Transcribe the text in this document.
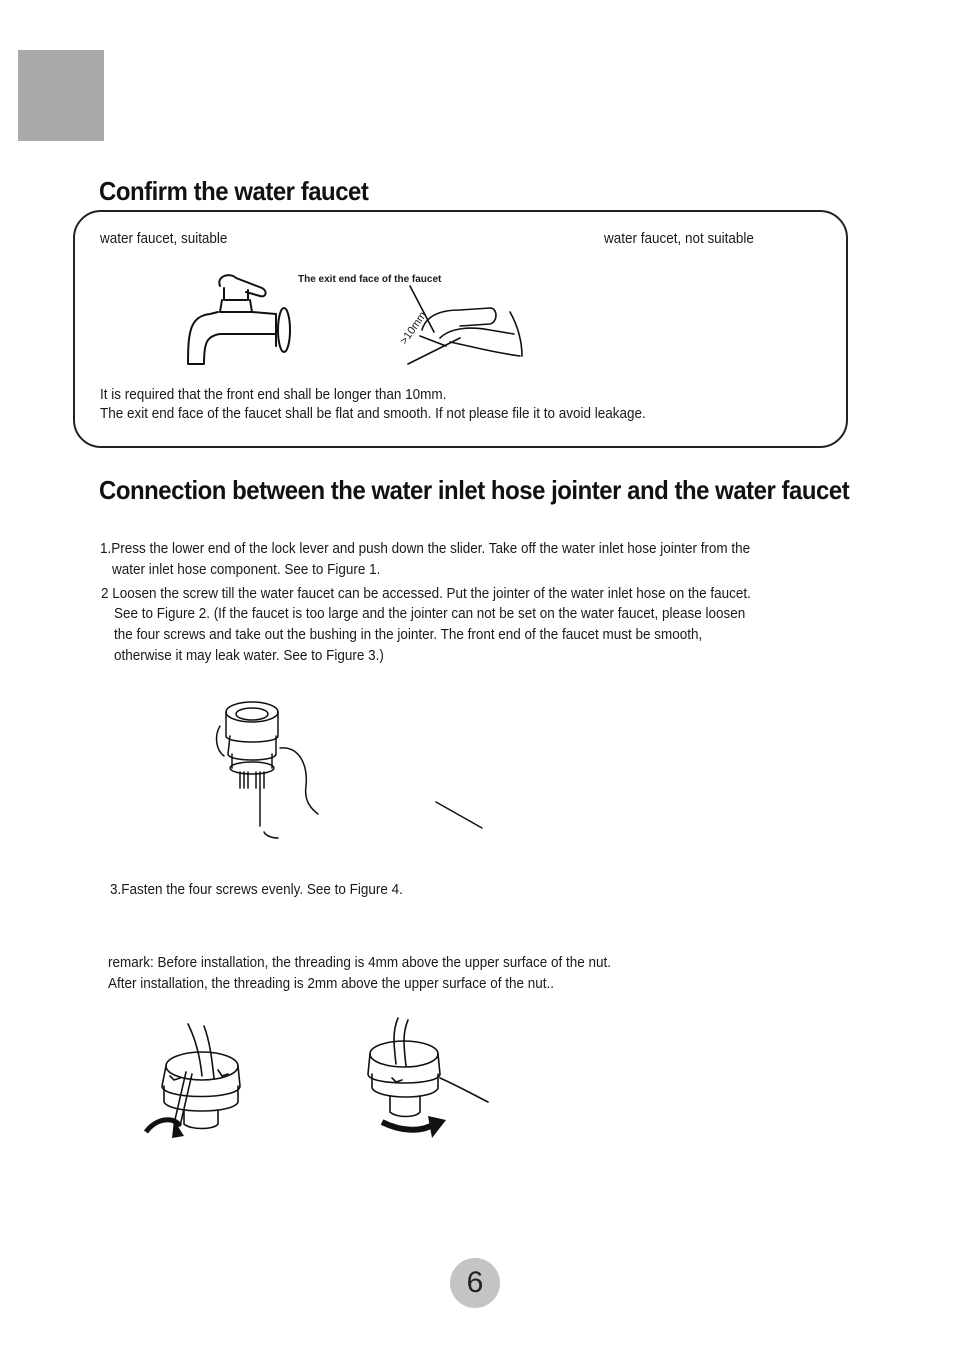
Confirm the water faucet
water faucet, suitable	water faucet, not suitable
The exit end face of the faucet
>10mm
It is required that the front end shall be longer than 10mm.
The exit end face of the faucet shall be flat and smooth. If not please file it to avoid leakage.
Connection between the water inlet hose jointer and the water faucet
1.Press the lower end of the lock lever and push down the slider. Take off the water inlet hose jointer from the
water inlet hose component. See to Figure 1.
2 Loosen the screw till the water faucet can be accessed. Put the jointer of the water inlet hose on the faucet.
See to Figure 2. (If the faucet is too large and the jointer can not be set on the water faucet, please loosen
the four screws and take out the bushing in the jointer. The front end of the faucet must be smooth,
otherwise it may leak water. See to Figure 3.)
3.Fasten the four screws evenly. See to Figure 4.
remark: Before installation, the threading is 4mm above the upper surface of the nut.
After installation, the threading is 2mm above the upper surface of the nut..
6
